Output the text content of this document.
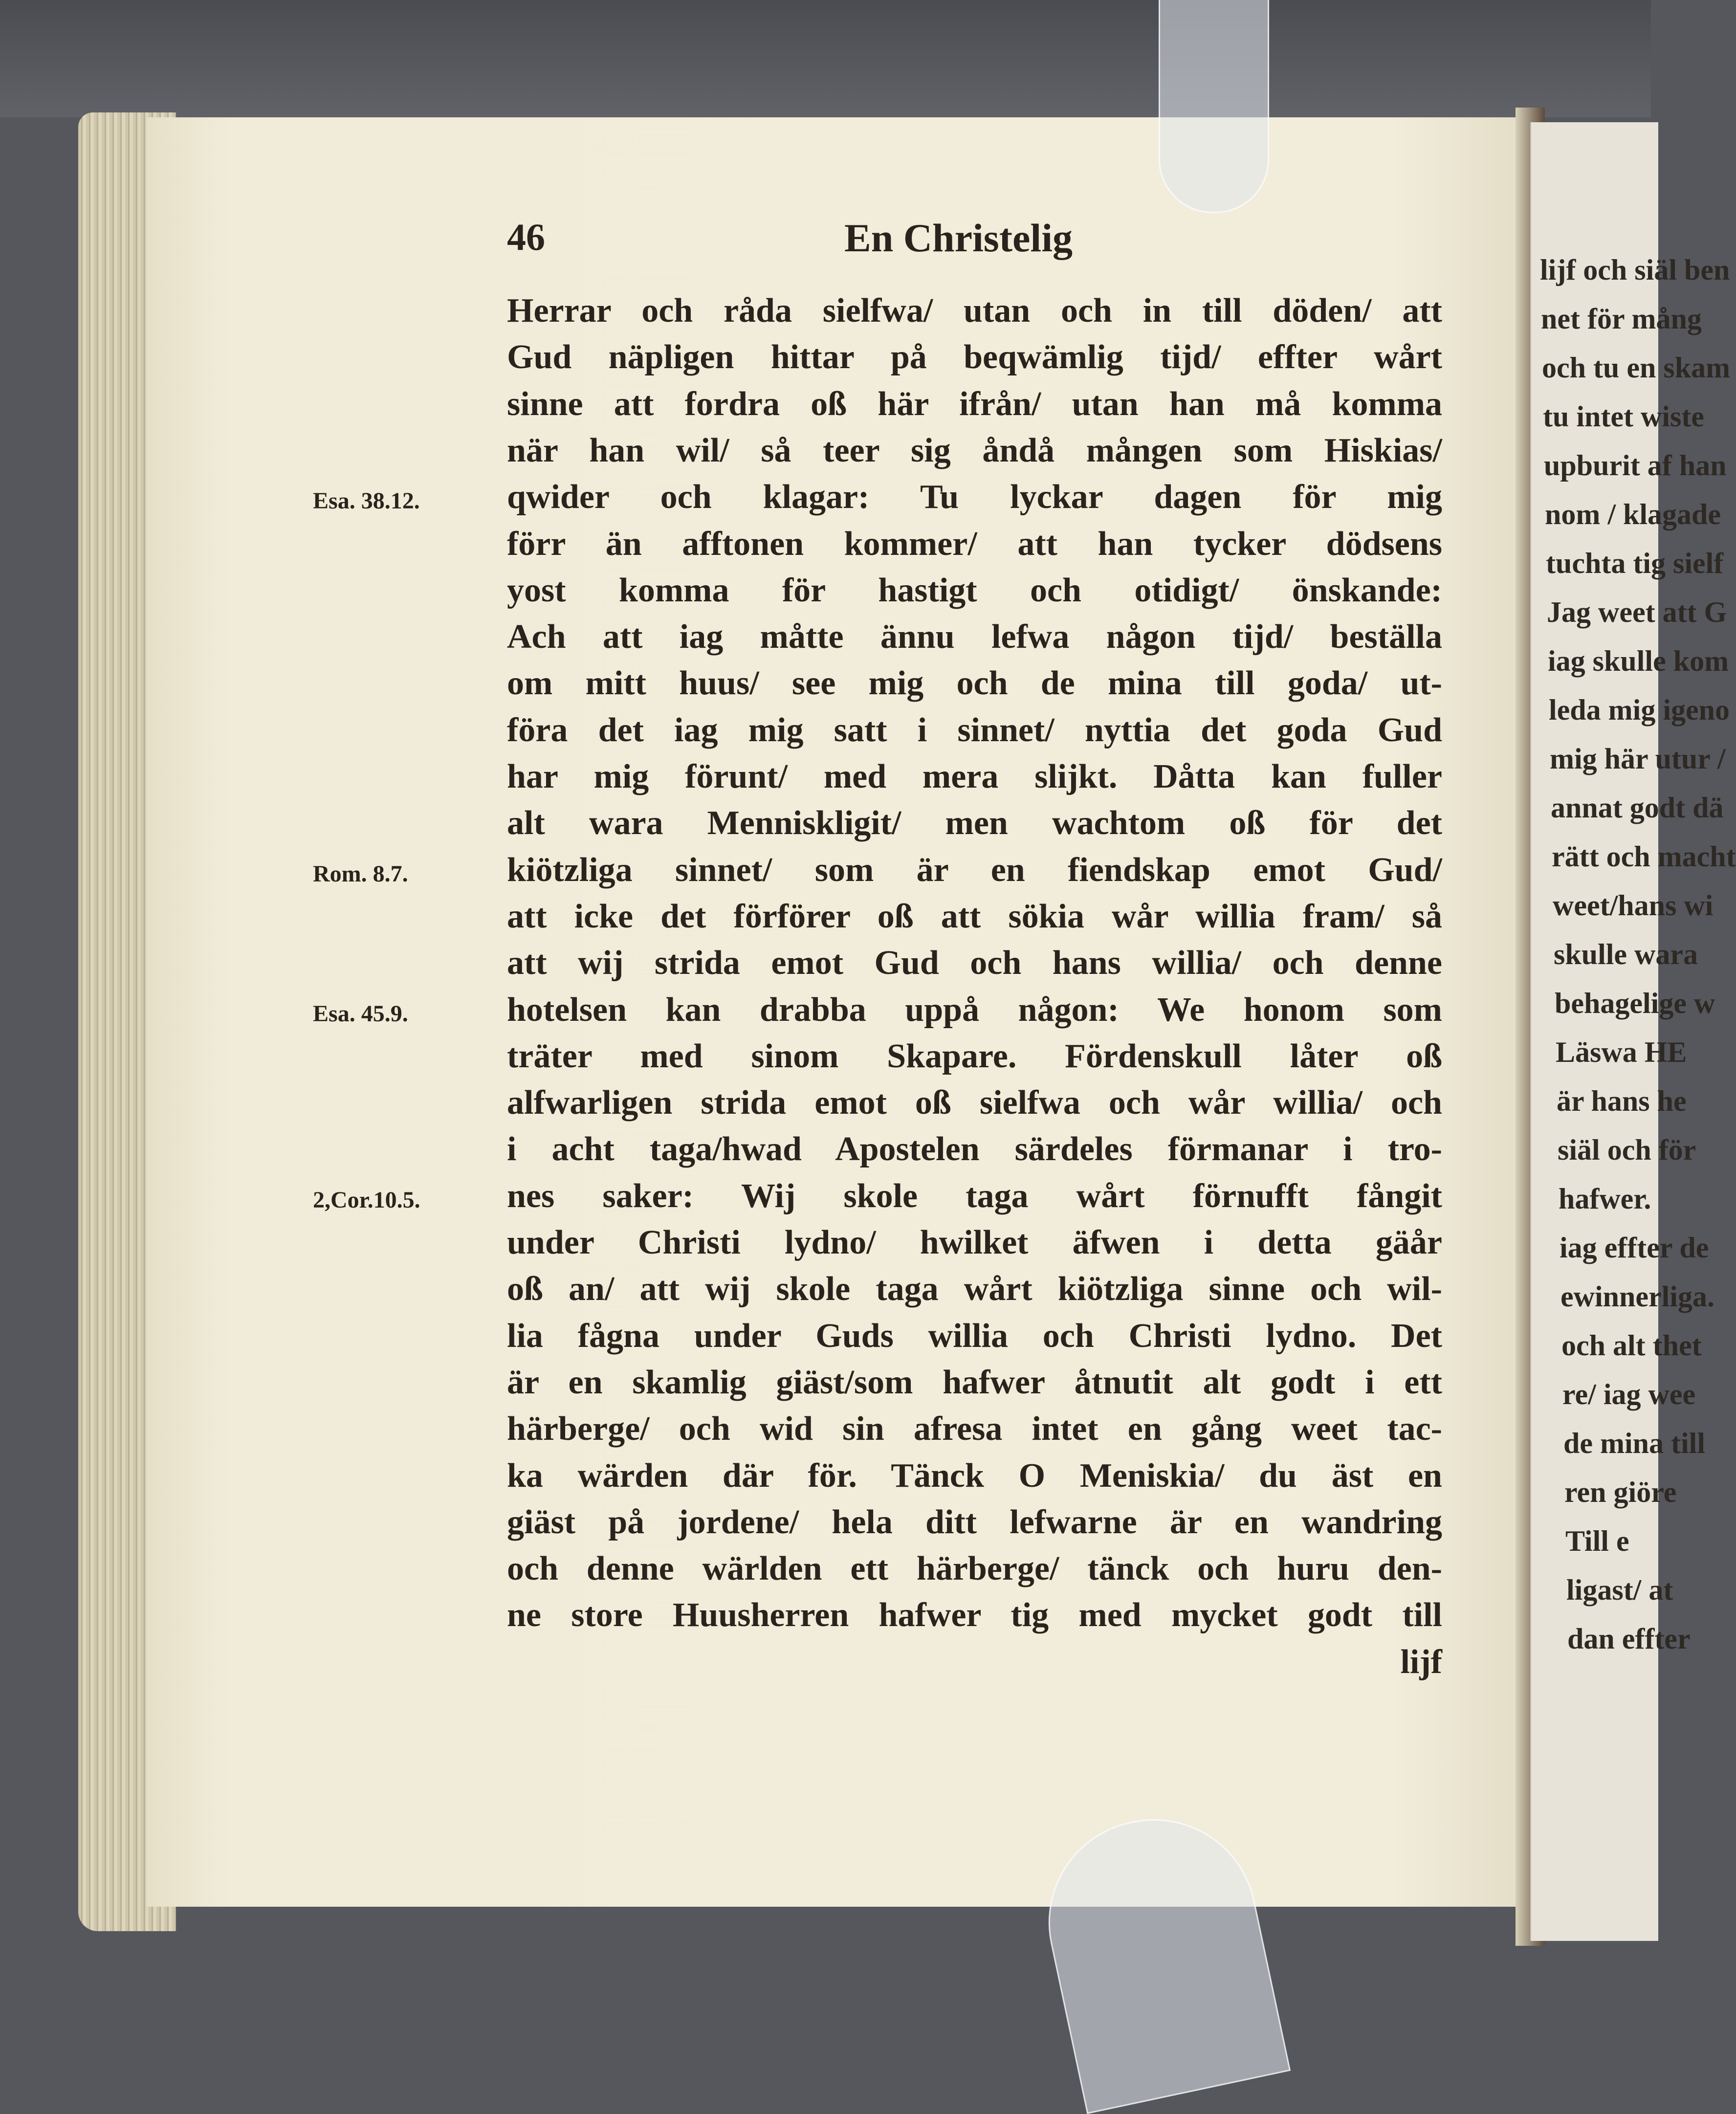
46	En Christelig
Herrar och råda sielfwa/ utan och in till döden/ att
Gud näpligen hittar på beqwämlig tijd/ effter wårt
sinne att fordra oß här ifrån/ utan han må komma
när han wil/ så teer sig åndå mången som Hiskias/
qwider och klagar: Tu lyckar dagen för mig
förr än afftonen kommer/ att han tycker dödsens
yost komma för hastigt och otidigt/ önskande:
Ach att iag måtte ännu lefwa någon tijd/ beställa
om mitt huus/ see mig och de mina till goda/ ut-
föra det iag mig satt i sinnet/ nyttia det goda Gud
har mig förunt/ med mera slijkt. Dåtta kan fuller
alt wara Menniskligit/ men wachtom oß för det
kiötzliga sinnet/ som är en fiendskap emot Gud/
att icke det förförer oß att sökia wår willia fram/ så
att wij strida emot Gud och hans willia/ och denne
hotelsen kan drabba uppå någon: We honom som
träter med sinom Skapare. Fördenskull låter oß
alfwarligen strida emot oß sielfwa och wår willia/ och
i acht taga/hwad Apostelen särdeles förmanar i tro-
nes saker: Wij skole taga wårt förnufft fångit
under Christi lydno/ hwilket äfwen i detta gäår
oß an/ att wij skole taga wårt kiötzliga sinne och wil-
lia fågna under Guds willia och Christi lydno. Det
är en skamlig giäst/som hafwer åtnutit alt godt i ett
härberge/ och wid sin afresa intet en gång weet tac-
ka wärden där för. Tänck O Meniskia/ du äst en
giäst på jordene/ hela ditt lefwarne är en wandring
och denne wärlden ett härberge/ tänck och huru den-
ne store Huusherren hafwer tig med mycket godt till
lijf
Esa. 38.12.
Rom. 8.7.
Esa. 45.9.
2,Cor.10.5.
lijf och siäl ben
net för mång
och tu en skam
tu intet wiste
upburit af han
nom / klagade
tuchta tig sielf
Jag weet att G
iag skulle kom
leda mig igeno
mig här utur /
annat godt dä
rätt och macht
weet/hans wi
skulle wara
behagelige w
Läswa HE
är hans he
siäl och för
hafwer.
iag effter de
ewinnerliga.
och alt thet
re/ iag wee
de mina till
ren giöre
Till e
ligast/ at
dan effter
